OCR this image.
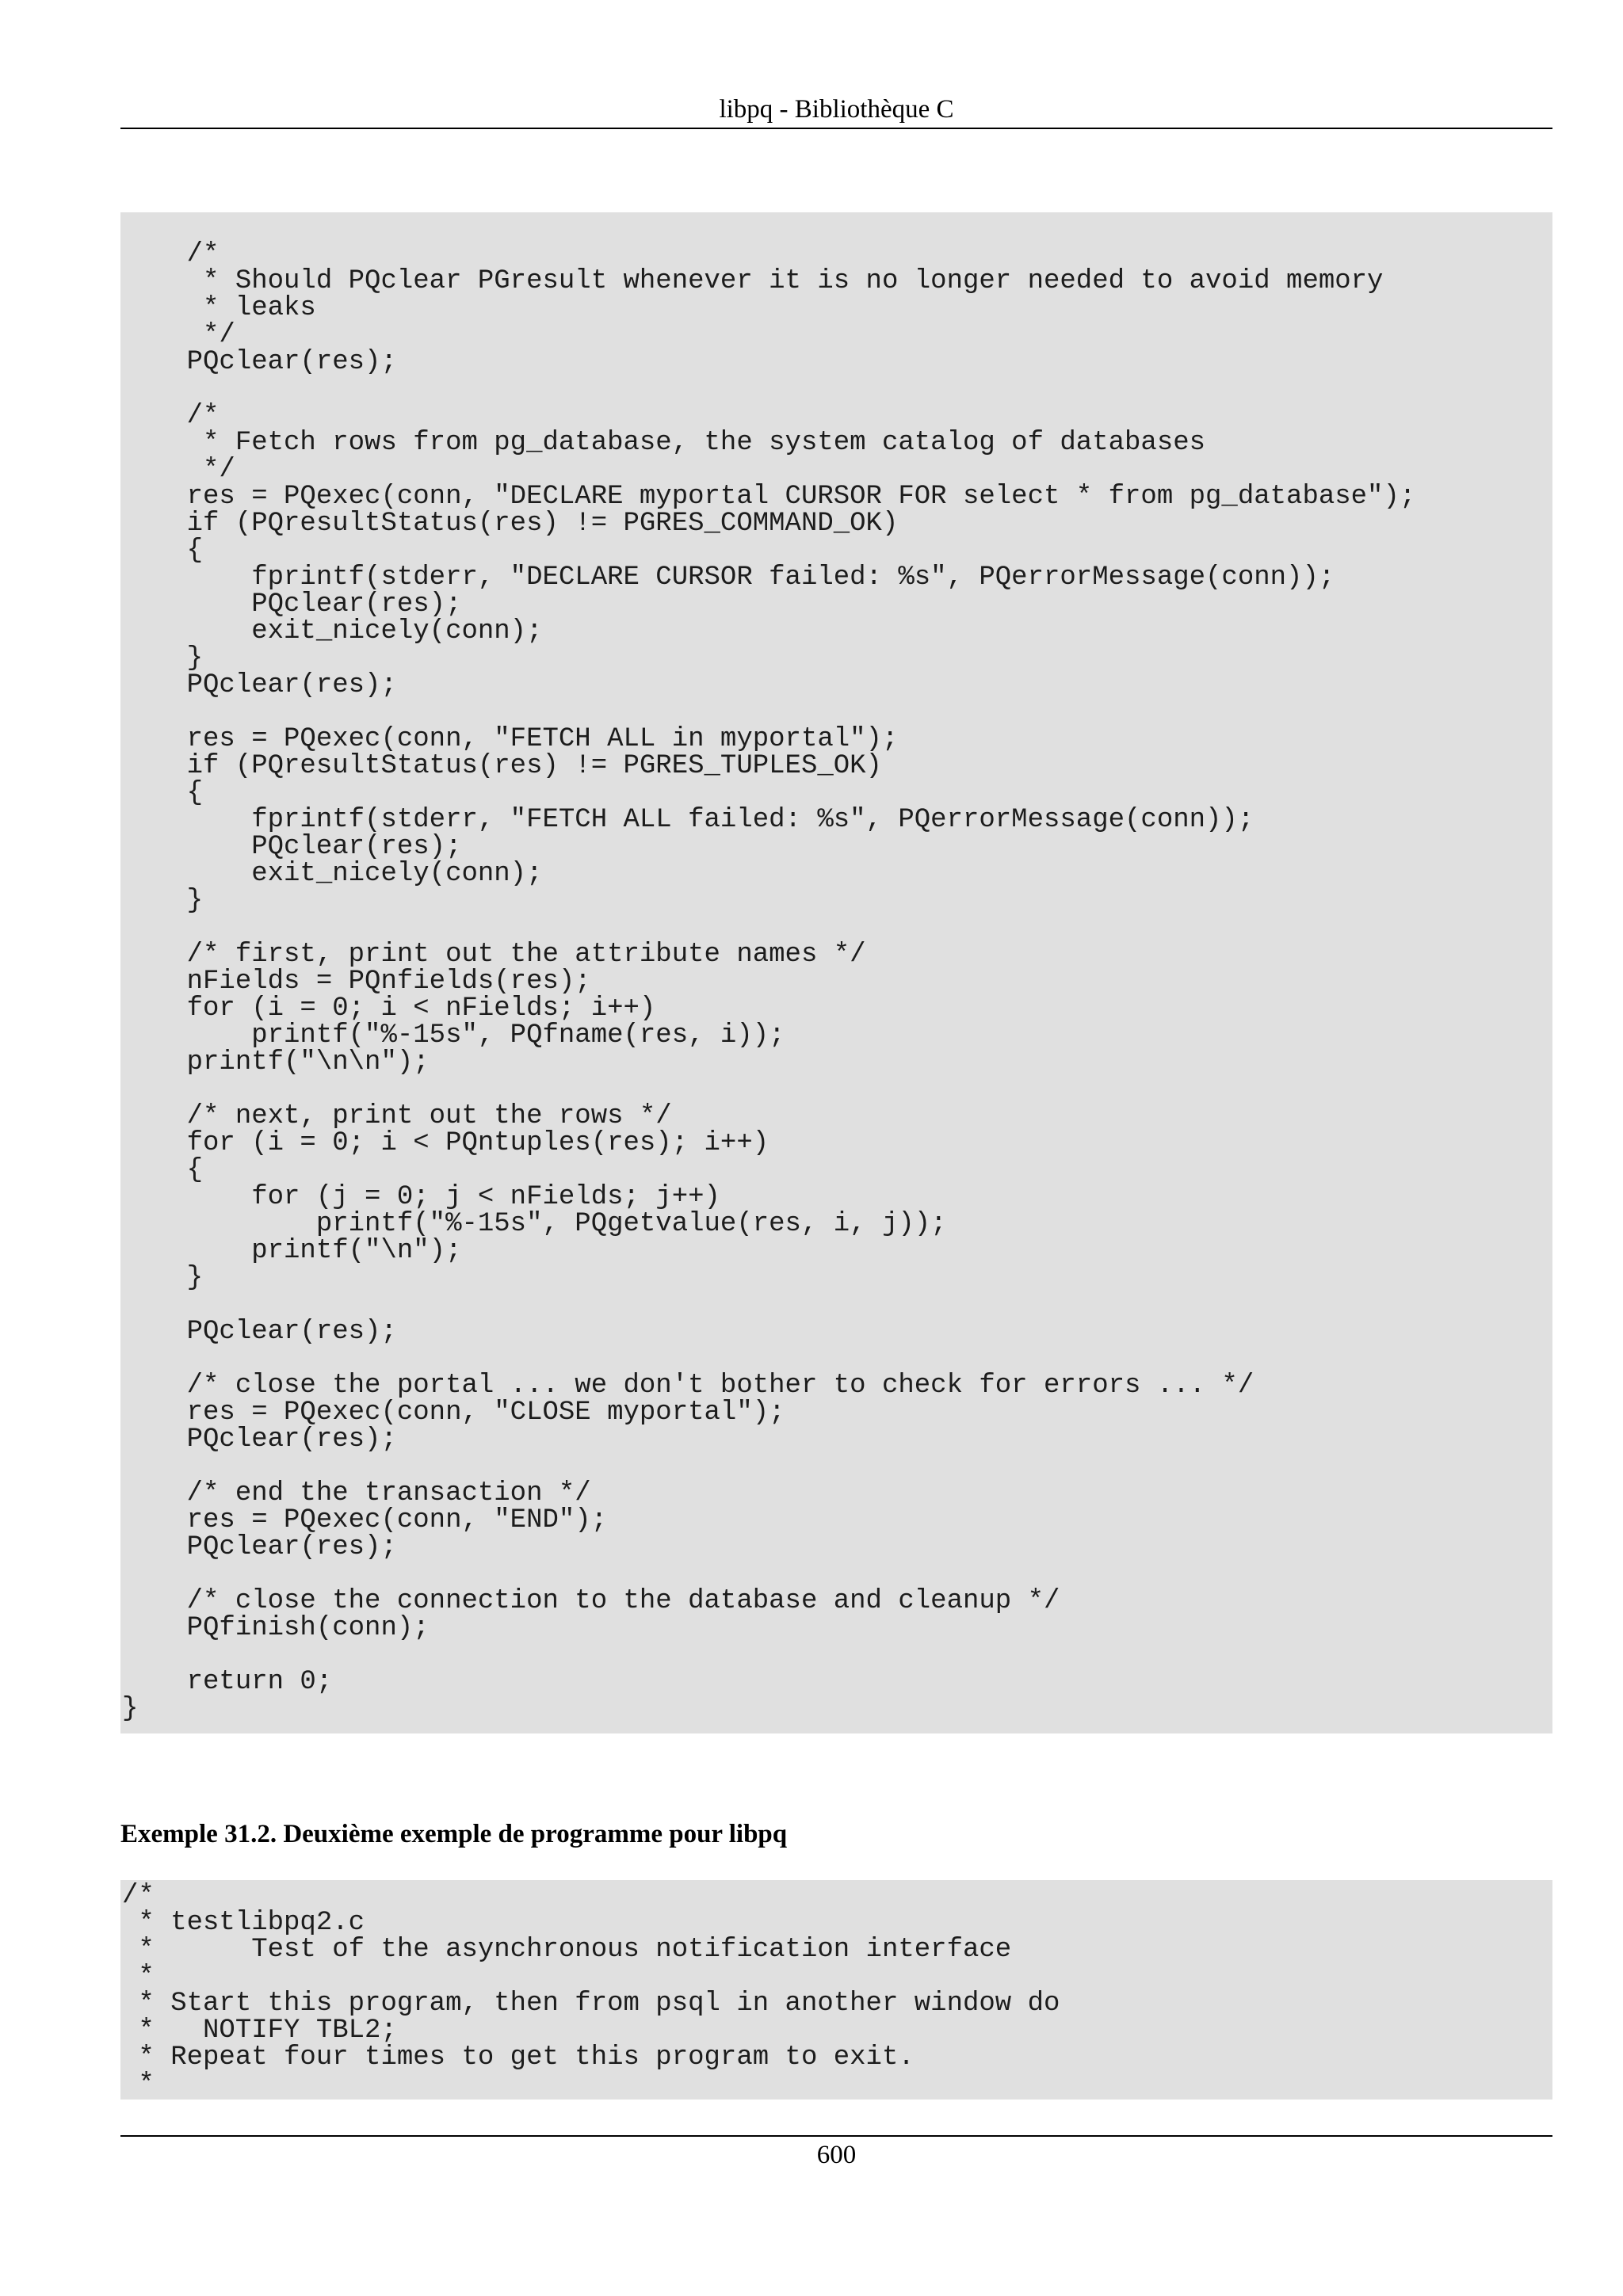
libpq - Bibliothèque C
/*
* Should PQclear PGresult whenever it is no longer needed to avoid memory
* leaks
*/
PQclear(res);

/*
* Fetch rows from pg_database, the system catalog of databases
*/
res = PQexec(conn, "DECLARE myportal CURSOR FOR select * from pg_database");
if (PQresultStatus(res) != PGRES_COMMAND_OK)
{
fprintf(stderr, "DECLARE CURSOR failed: %s", PQerrorMessage(conn));
PQclear(res);
exit_nicely(conn);
}
PQclear(res);

res = PQexec(conn, "FETCH ALL in myportal");
if (PQresultStatus(res) != PGRES_TUPLES_OK)
{
fprintf(stderr, "FETCH ALL failed: %s", PQerrorMessage(conn));
PQclear(res);
exit_nicely(conn);
}

/* first, print out the attribute names */
nFields = PQnfields(res);
for (i = 0; i < nFields; i++)
printf("%-15s", PQfname(res, i));
printf("\n\n");

/* next, print out the rows */
for (i = 0; i < PQntuples(res); i++)
{
for (j = 0; j < nFields; j++)
printf("%-15s", PQgetvalue(res, i, j));
printf("\n");
}

PQclear(res);

/* close the portal ... we don't bother to check for errors ... */
res = PQexec(conn, "CLOSE myportal");
PQclear(res);

/* end the transaction */
res = PQexec(conn, "END");
PQclear(res);

/* close the connection to the database and cleanup */
PQfinish(conn);

return 0;
}
Exemple 31.2. Deuxième exemple de programme pour libpq
/*
* testlibpq2.c
*      Test of the asynchronous notification interface
*
* Start this program, then from psql in another window do
*   NOTIFY TBL2;
* Repeat four times to get this program to exit.
*
600
